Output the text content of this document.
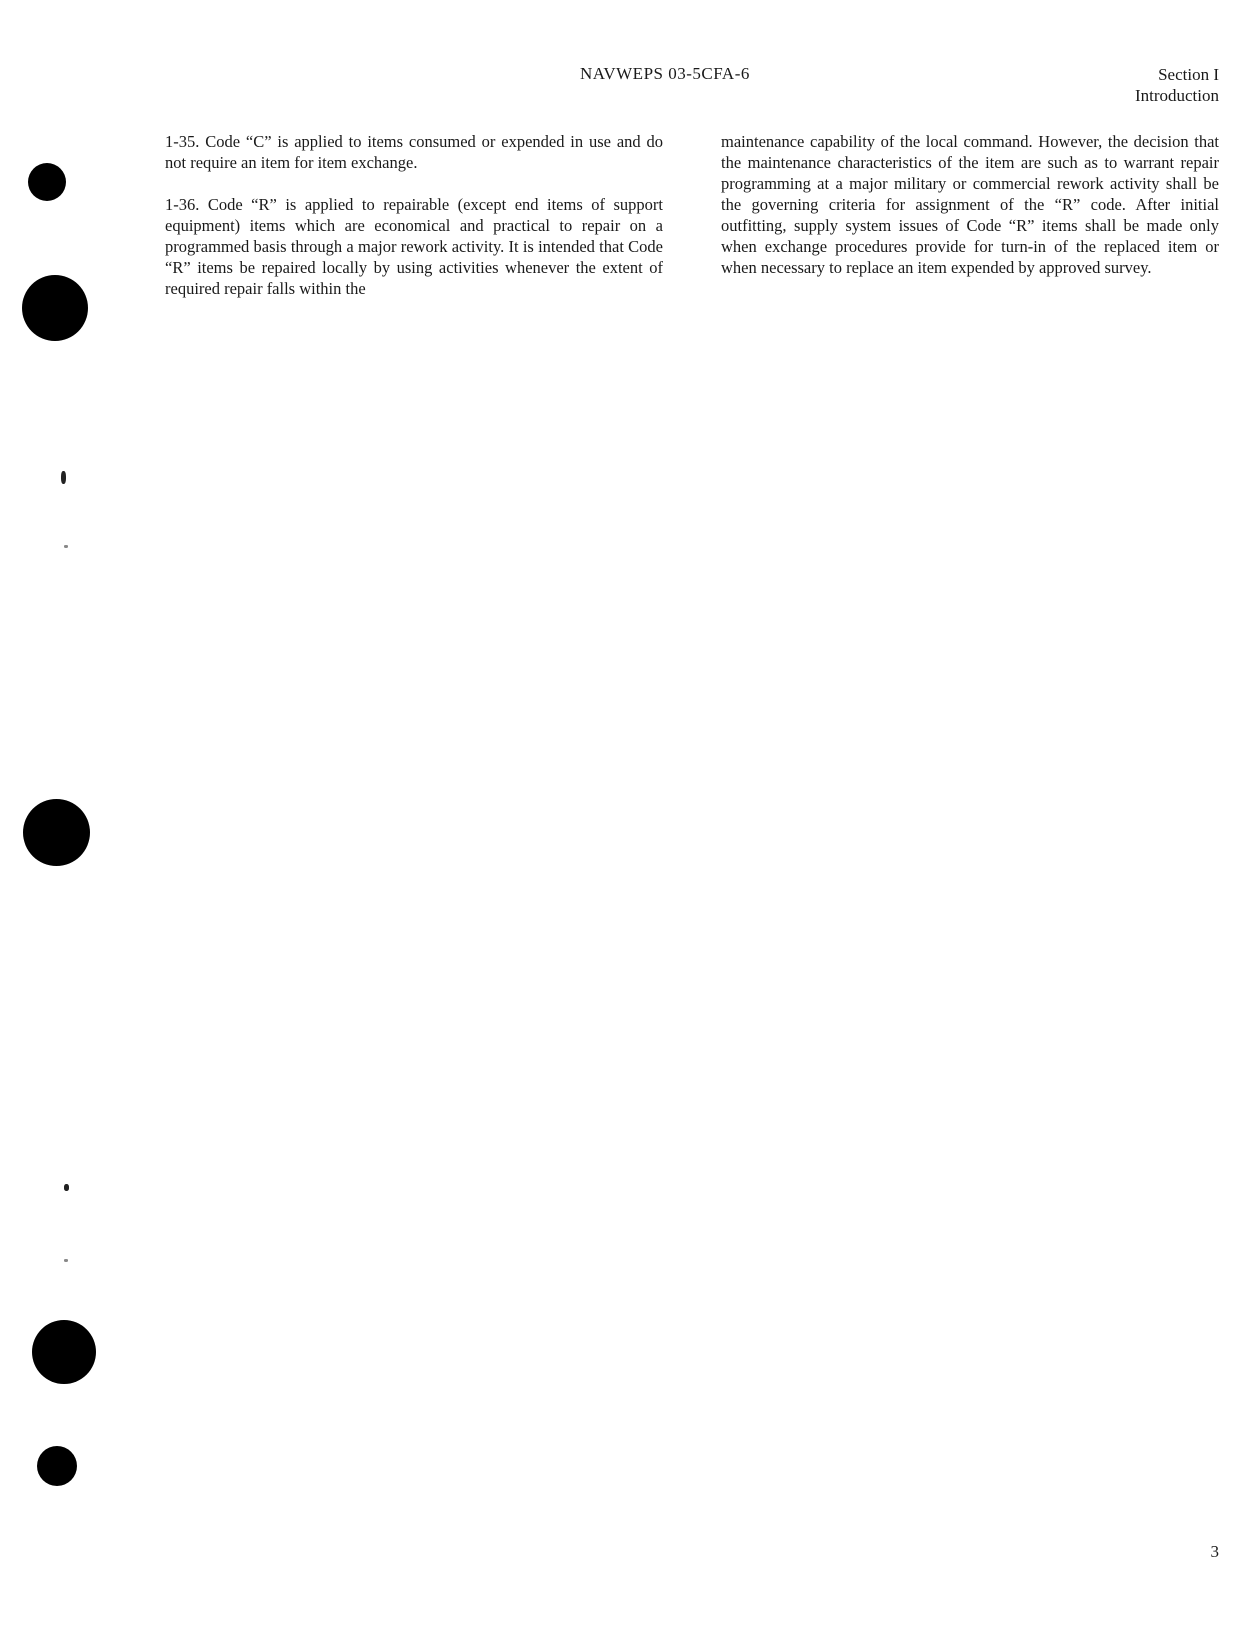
NAVWEPS 03-5CFA-6	Section I
Introduction

1-35. Code “C” is applied to items consumed or expended in use and do not require an item for item exchange.

1-36. Code “R” is applied to repairable (except end items of support equipment) items which are economical and practical to repair on a programmed basis through a major rework activity. It is intended that Code “R” items be repaired locally by using activities whenever the extent of required repair falls within the

maintenance capability of the local command. However, the decision that the maintenance characteristics of the item are such as to warrant repair programming at a major military or commercial rework activity shall be the governing criteria for assignment of the “R” code. After initial outfitting, supply system issues of Code “R” items shall be made only when exchange procedures provide for turn-in of the replaced item or when necessary to replace an item expended by approved survey.

3
